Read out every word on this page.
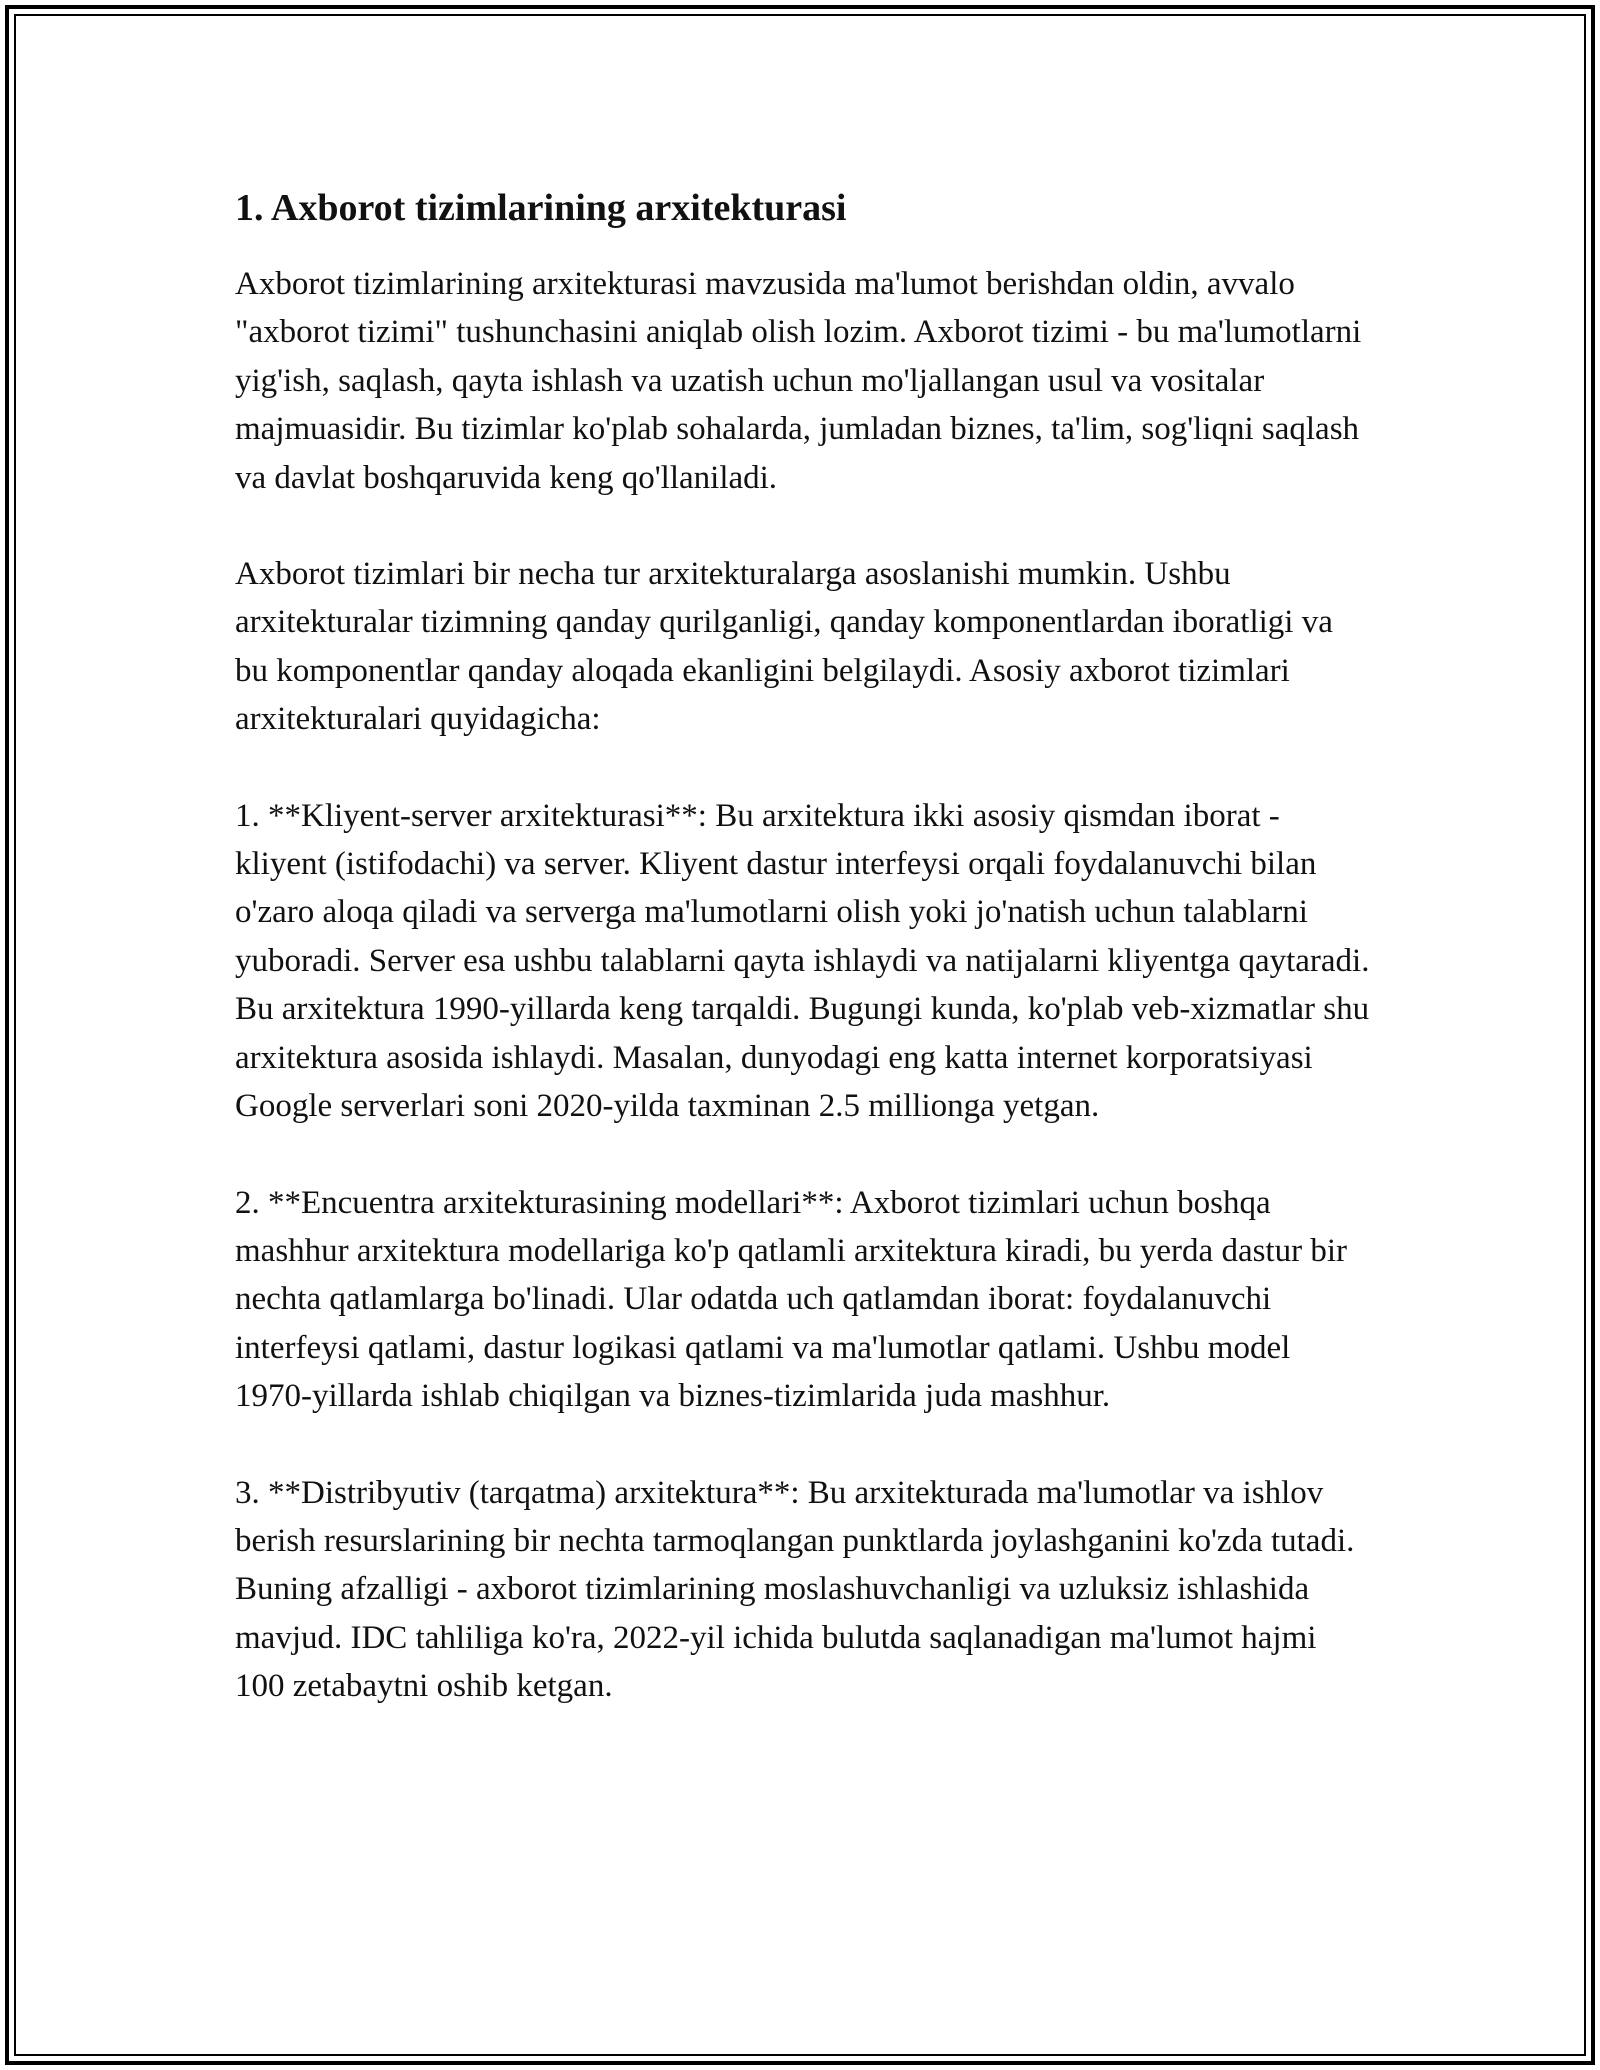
1. Axborot tizimlarining arxitekturasi

Axborot tizimlarining arxitekturasi mavzusida ma'lumot berishdan oldin, avvalo "axborot tizimi" tushunchasini aniqlab olish lozim. Axborot tizimi - bu ma'lumotlarni yig'ish, saqlash, qayta ishlash va uzatish uchun mo'ljallangan usul va vositalar majmuasidir. Bu tizimlar ko'plab sohalarda, jumladan biznes, ta'lim, sog'liqni saqlash va davlat boshqaruvida keng qo'llaniladi.

Axborot tizimlari bir necha tur arxitekturalarga asoslanishi mumkin. Ushbu arxitekturalar tizimning qanday qurilganligi, qanday komponentlardan iboratligi va bu komponentlar qanday aloqada ekanligini belgilaydi. Asosiy axborot tizimlari arxitekturalari quyidagicha:

1. **Kliyent-server arxitekturasi**: Bu arxitektura ikki asosiy qismdan iborat - kliyent (istifodachi) va server. Kliyent dastur interfeysi orqali foydalanuvchi bilan o'zaro aloqa qiladi va serverga ma'lumotlarni olish yoki jo'natish uchun talablarni yuboradi. Server esa ushbu talablarni qayta ishlaydi va natijalarni kliyentga qaytaradi. Bu arxitektura 1990-yillarda keng tarqaldi. Bugungi kunda, ko'plab veb-xizmatlar shu arxitektura asosida ishlaydi. Masalan, dunyodagi eng katta internet korporatsiyasi Google serverlari soni 2020-yilda taxminan 2.5 millionga yetgan.

2. **Encuentra arxitekturasining modellari**: Axborot tizimlari uchun boshqa mashhur arxitektura modellariga ko'p qatlamli arxitektura kiradi, bu yerda dastur bir nechta qatlamlarga bo'linadi. Ular odatda uch qatlamdan iborat: foydalanuvchi interfeysi qatlami, dastur logikasi qatlami va ma'lumotlar qatlami. Ushbu model 1970-yillarda ishlab chiqilgan va biznes-tizimlarida juda mashhur.

3. **Distribyutiv (tarqatma) arxitektura**: Bu arxitekturada ma'lumotlar va ishlov berish resurslarining bir nechta tarmoqlangan punktlarda joylashganini ko'zda tutadi. Buning afzalligi - axborot tizimlarining moslashuvchanligi va uzluksiz ishlashida mavjud. IDC tahliliga ko'ra, 2022-yil ichida bulutda saqlanadigan ma'lumot hajmi 100 zetabaytni oshib ketgan.
